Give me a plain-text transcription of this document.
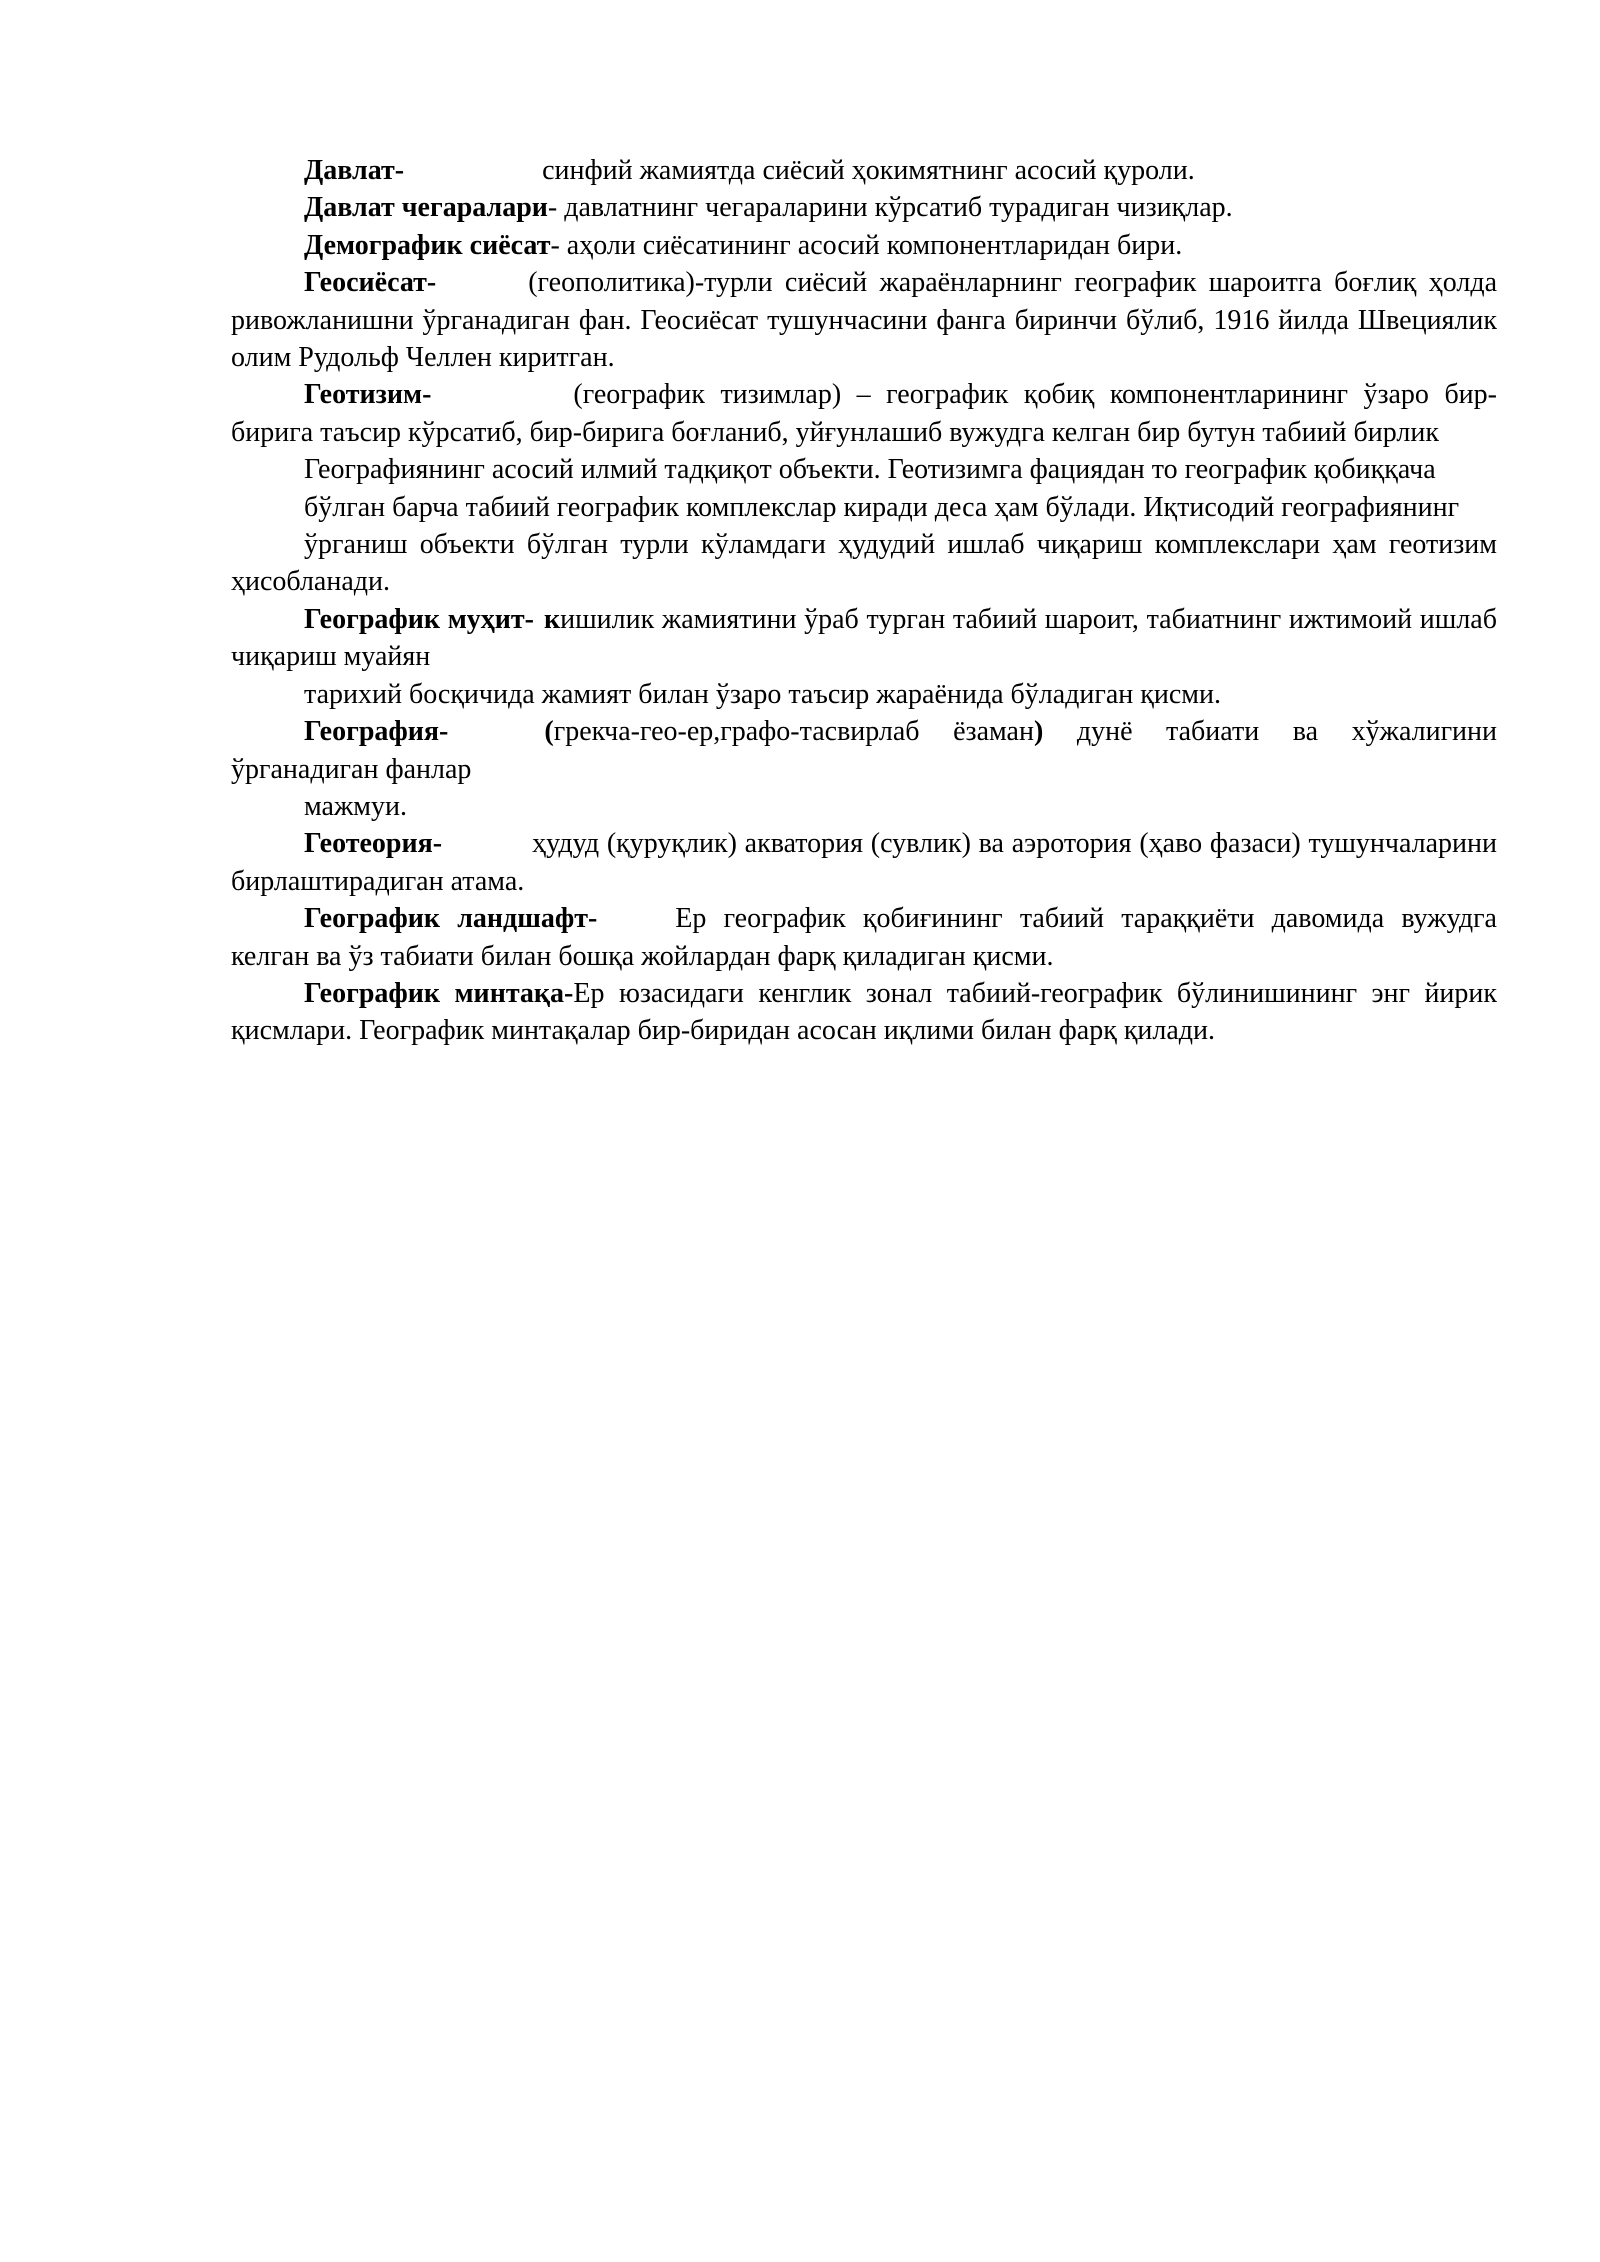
Давлат-	синфий жамиятда сиёсий ҳокимятнинг асосий қуроли.

Давлат чегаралари- давлатнинг чегараларини кўрсатиб турадиган чизиқлар.

Демографик сиёсат- аҳоли сиёсатининг асосий компонентларидан бири.

Геосиёсат-	(геополитика)-турли сиёсий жараёнларнинг географик шароитга боғлиқ ҳолда ривожланишни ўрганадиган фан. Геосиёсат тушунчасини фанга биринчи бўлиб, 1916 йилда Швециялик олим Рудольф Челлен киритган.

Геотизим-	(географик тизимлар) – географик қобиқ компонентларининг ўзаро бир-бирига таъсир кўрсатиб, бир-бирига боғланиб, уйғунлашиб вужудга келган бир бутун табиий бирлик

Географиянинг асосий илмий тадқиқот объекти. Геотизимга фациядан то географик қобиққача

бўлган барча табиий географик комплекслар киради деса ҳам бўлади. Иқтисодий географиянинг

ўрганиш объекти бўлган турли кўламдаги ҳудудий ишлаб чиқариш комплекслари ҳам геотизим ҳисобланади.

Географик муҳит- кишилик жамиятини ўраб турган табиий шароит, табиатнинг ижтимоий ишлаб чиқариш муайян

тарихий босқичида жамият билан ўзаро таъсир жараёнида бўладиган қисми.

География-	(грекча-гео-ер,графо-тасвирлаб ёзаман) дунё табиати ва хўжалигини ўрганадиган фанлар

мажмуи.

Геотеория-	ҳудуд (қуруқлик) акватория (сувлик) ва аэротория (ҳаво фазаси) тушунчаларини бирлаштирадиган атама.

Географик ландшафт-	Ер географик қобиғининг табиий тараққиёти давомида вужудга келган ва ўз табиати билан бошқа жойлардан фарқ қиладиган қисми.

Географик минтақа-Ер юзасидаги кенглик зонал табиий-географик бўлинишининг энг йирик қисмлари. Географик минтақалар бир-биридан асосан иқлими билан фарқ қилади.
